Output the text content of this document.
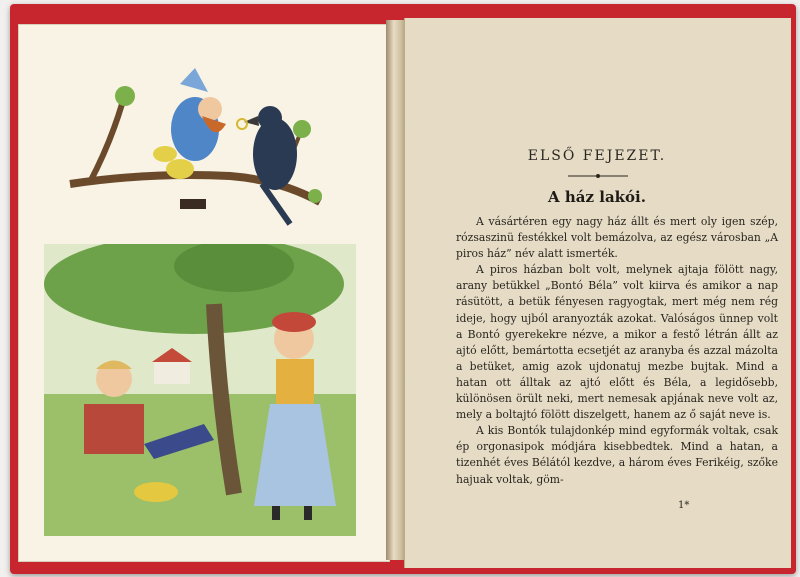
ELSŐ FEJEZET.
A ház lakói.

A vásártéren egy nagy ház állt és mert oly igen szép, rózsaszinü festékkel volt bemázolva, az egész városban „A piros ház” név alatt ismerték.

A piros házban bolt volt, melynek ajtaja fölött nagy, arany betükkel „Bontó Béla” volt kiirva és amikor a nap rásütött, a betük fényesen ragyogtak, mert még nem rég ideje, hogy ujból aranyozták azokat. Valóságos ünnep volt a Bontó gyerekekre nézve, a mikor a festő létrán állt az ajtó előtt, bemártotta ecsetjét az aranyba és azzal mázolta a betüket, amig azok ujdonatuj mezbe bujtak. Mind a hatan ott álltak az ajtó előtt és Béla, a legidősebb, különösen örült neki, mert nemesak apjának neve volt az, mely a boltajtó fölött diszelgett, hanem az ő saját neve is.

A kis Bontók tulajdonkép mind egyformák voltak, csak ép orgonasipok módjára kisebbedtek. Mind a hatan, a tizenhét éves Bélától kezdve, a három éves Ferikéig, szőke hajuak voltak, göm-

1*
